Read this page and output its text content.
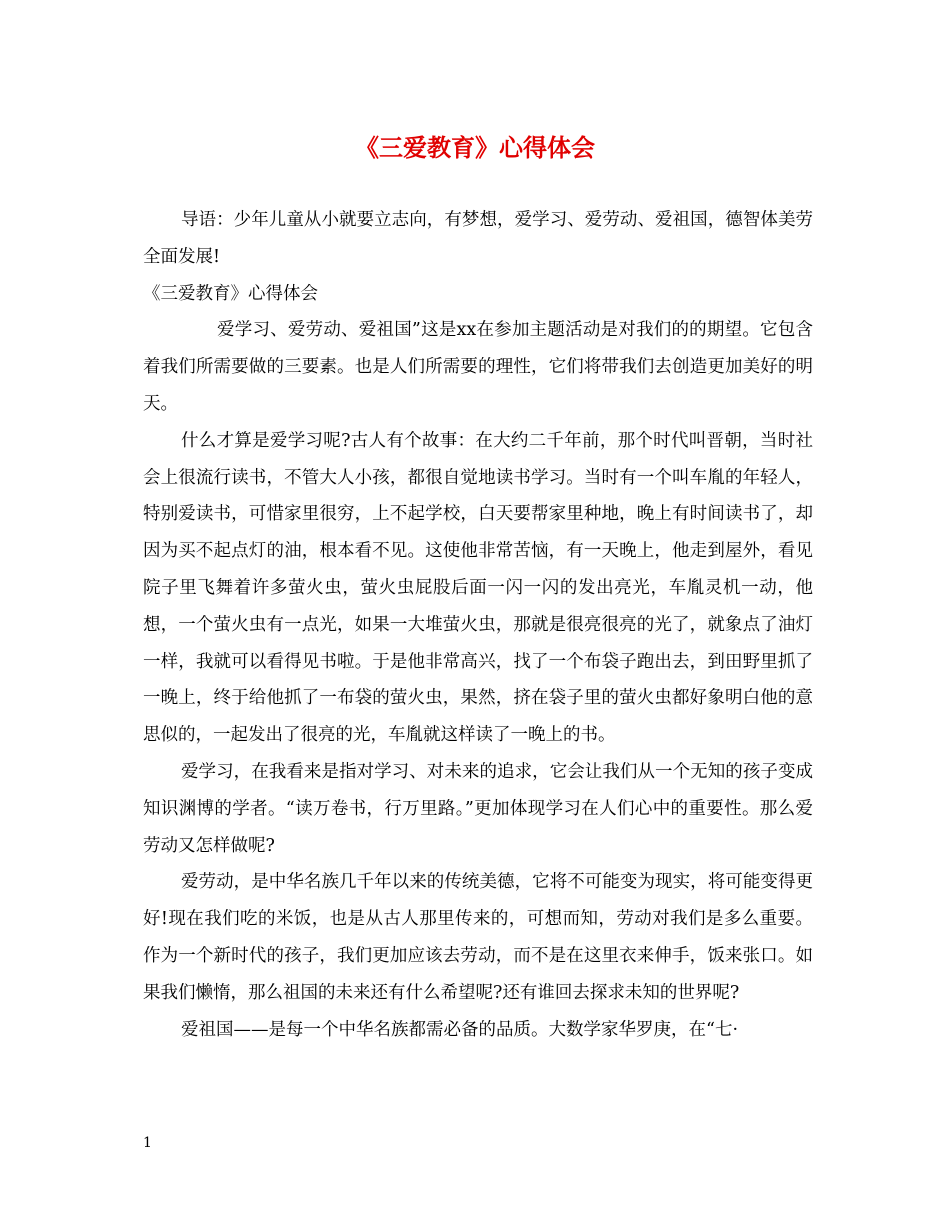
《三爱教育》心得体会

导语：少年儿童从小就要立志向，有梦想，爱学习、爱劳动、爱祖国，德智体美劳全面发展!

《三爱教育》心得体会

爱学习、爱劳动、爱祖国”这是xx在参加主题活动是对我们的的期望。它包含着我们所需要做的三要素。也是人们所需要的理性，它们将带我们去创造更加美好的明天。

什么才算是爱学习呢?古人有个故事：在大约二千年前，那个时代叫晋朝，当时社会上很流行读书，不管大人小孩，都很自觉地读书学习。当时有一个叫车胤的年轻人，特别爱读书，可惜家里很穷，上不起学校，白天要帮家里种地，晚上有时间读书了，却因为买不起点灯的油，根本看不见。这使他非常苦恼，有一天晚上，他走到屋外，看见院子里飞舞着许多萤火虫，萤火虫屁股后面一闪一闪的发出亮光，车胤灵机一动，他想，一个萤火虫有一点光，如果一大堆萤火虫，那就是很亮很亮的光了，就象点了油灯一样，我就可以看得见书啦。于是他非常高兴，找了一个布袋子跑出去，到田野里抓了一晚上，终于给他抓了一布袋的萤火虫，果然，挤在袋子里的萤火虫都好象明白他的意思似的，一起发出了很亮的光，车胤就这样读了一晚上的书。

爱学习，在我看来是指对学习、对未来的追求，它会让我们从一个无知的孩子变成知识渊博的学者。“读万卷书，行万里路。”更加体现学习在人们心中的重要性。那么爱劳动又怎样做呢?

爱劳动，是中华名族几千年以来的传统美德，它将不可能变为现实，将可能变得更好!现在我们吃的米饭，也是从古人那里传来的，可想而知，劳动对我们是多么重要。作为一个新时代的孩子，我们更加应该去劳动，而不是在这里衣来伸手，饭来张口。如果我们懒惰，那么祖国的未来还有什么希望呢?还有谁回去探求未知的世界呢?

爱祖国——是每一个中华名族都需必备的品质。大数学家华罗庚，在“七·

1
